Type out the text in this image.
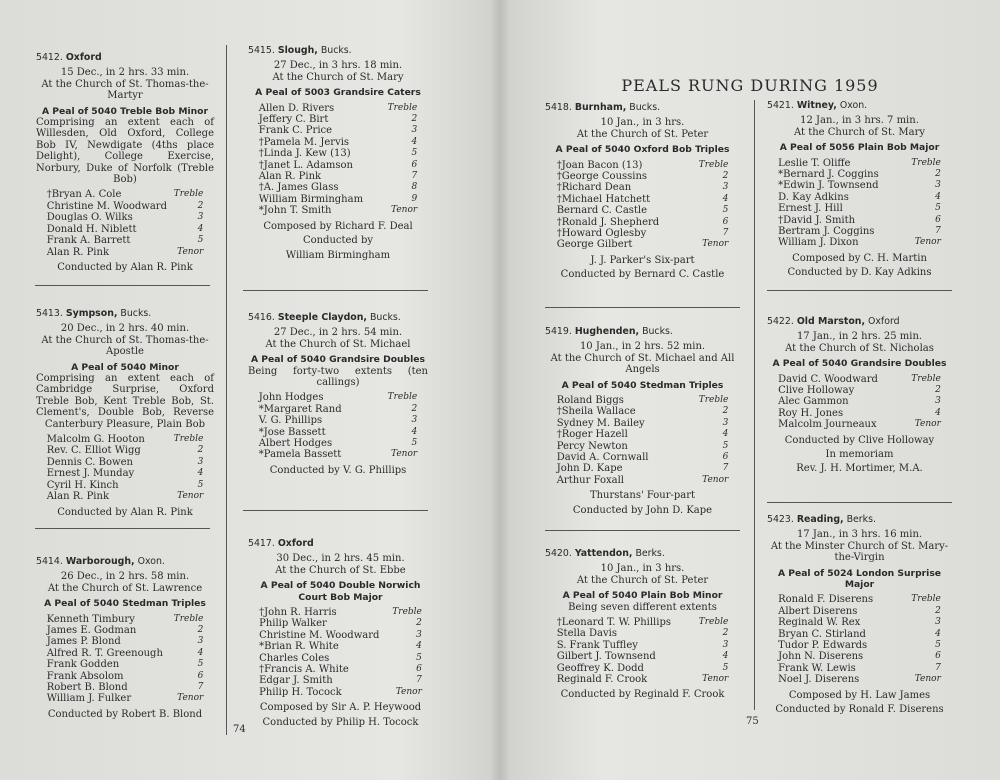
PEALS RUNG DURING 1959
74
75
5412. Oxford
15 Dec., in 2 hrs. 33 min.
At the Church of St. Thomas-the-Martyr
A Peal of 5040 Treble Bob Minor
Comprising an extent each of Willesden, Old Oxford, College Bob IV, Newdigate (4ths place Delight), College Exercise, Norbury, Duke of Norfolk (Treble Bob)
†Bryan A. Cole	Treble
Christine M. Woodward	2
Douglas O. Wilks	3
Donald H. Niblett	4
Frank A. Barrett	5
Alan R. Pink	Tenor
Conducted by Alan R. Pink
5413. Sympson, Bucks.
20 Dec., in 2 hrs. 40 min.
At the Church of St. Thomas-the-Apostle
A Peal of 5040 Minor
Comprising an extent each of Cambridge Surprise, Oxford Treble Bob, Kent Treble Bob, St. Clement's, Double Bob, Reverse Canterbury Pleasure, Plain Bob
Malcolm G. Hooton	Treble
Rev. C. Elliot Wigg	2
Dennis C. Bowen	3
Ernest J. Munday	4
Cyril H. Kinch	5
Alan R. Pink	Tenor
Conducted by Alan R. Pink
5414. Warborough, Oxon.
26 Dec., in 2 hrs. 58 min.
At the Church of St. Lawrence
A Peal of 5040 Stedman Triples
Kenneth Timbury	Treble
James E. Godman	2
James P. Blond	3
Alfred R. T. Greenough	4
Frank Godden	5
Frank Absolom	6
Robert B. Blond	7
William J. Fulker	Tenor
Conducted by Robert B. Blond
5415. Slough, Bucks.
27 Dec., in 3 hrs. 18 min.
At the Church of St. Mary
A Peal of 5003 Grandsire Caters
Allen D. Rivers	Treble
Jeffery C. Birt	2
Frank C. Price	3
†Pamela M. Jervis	4
†Linda J. Kew (13)	5
†Janet L. Adamson	6
Alan R. Pink	7
†A. James Glass	8
William Birmingham	9
*John T. Smith	Tenor
Composed by Richard F. Deal
Conducted by
William Birmingham
5416. Steeple Claydon, Bucks.
27 Dec., in 2 hrs. 54 min.
At the Church of St. Michael
A Peal of 5040 Grandsire Doubles
Being forty-two extents (ten callings)
John Hodges	Treble
*Margaret Rand	2
V. G. Phillips	3
*Jose Bassett	4
Albert Hodges	5
*Pamela Bassett	Tenor
Conducted by V. G. Phillips
5417. Oxford
30 Dec., in 2 hrs. 45 min.
At the Church of St. Ebbe
A Peal of 5040 Double Norwich Court Bob Major
†John R. Harris	Treble
Philip Walker	2
Christine M. Woodward	3
*Brian R. White	4
Charles Coles	5
†Francis A. White	6
Edgar J. Smith	7
Philip H. Tocock	Tenor
Composed by Sir A. P. Heywood
Conducted by Philip H. Tocock
5418. Burnham, Bucks.
10 Jan., in 3 hrs.
At the Church of St. Peter
A Peal of 5040 Oxford Bob Triples
†Joan Bacon (13)	Treble
†George Coussins	2
†Richard Dean	3
†Michael Hatchett	4
Bernard C. Castle	5
†Ronald J. Shepherd	6
†Howard Oglesby	7
George Gilbert	Tenor
J. J. Parker's Six-part
Conducted by Bernard C. Castle
5419. Hughenden, Bucks.
10 Jan., in 2 hrs. 52 min.
At the Church of St. Michael and All Angels
A Peal of 5040 Stedman Triples
Roland Biggs	Treble
†Sheila Wallace	2
Sydney M. Bailey	3
†Roger Hazell	4
Percy Newton	5
David A. Cornwall	6
John D. Kape	7
Arthur Foxall	Tenor
Thurstans' Four-part
Conducted by John D. Kape
5420. Yattendon, Berks.
10 Jan., in 3 hrs.
At the Church of St. Peter
A Peal of 5040 Plain Bob Minor
Being seven different extents
†Leonard T. W. Phillips	Treble
Stella Davis	2
S. Frank Tuffley	3
Gilbert J. Townsend	4
Geoffrey K. Dodd	5
Reginald F. Crook	Tenor
Conducted by Reginald F. Crook
5421. Witney, Oxon.
12 Jan., in 3 hrs. 7 min.
At the Church of St. Mary
A Peal of 5056 Plain Bob Major
Leslie T. Oliffe	Treble
*Bernard J. Coggins	2
*Edwin J. Townsend	3
D. Kay Adkins	4
Ernest J. Hill	5
†David J. Smith	6
Bertram J. Coggins	7
William J. Dixon	Tenor
Composed by C. H. Martin
Conducted by D. Kay Adkins
5422. Old Marston, Oxford
17 Jan., in 2 hrs. 25 min.
At the Church of St. Nicholas
A Peal of 5040 Grandsire Doubles
David C. Woodward	Treble
Clive Holloway	2
Alec Gammon	3
Roy H. Jones	4
Malcolm Journeaux	Tenor
Conducted by Clive Holloway
In memoriam
Rev. J. H. Mortimer, M.A.
5423. Reading, Berks.
17 Jan., in 3 hrs. 16 min.
At the Minster Church of St. Mary-the-Virgin
A Peal of 5024 London Surprise Major
Ronald F. Diserens	Treble
Albert Diserens	2
Reginald W. Rex	3
Bryan C. Stirland	4
Tudor P. Edwards	5
John N. Diserens	6
Frank W. Lewis	7
Noel J. Diserens	Tenor
Composed by H. Law James
Conducted by Ronald F. Diserens
